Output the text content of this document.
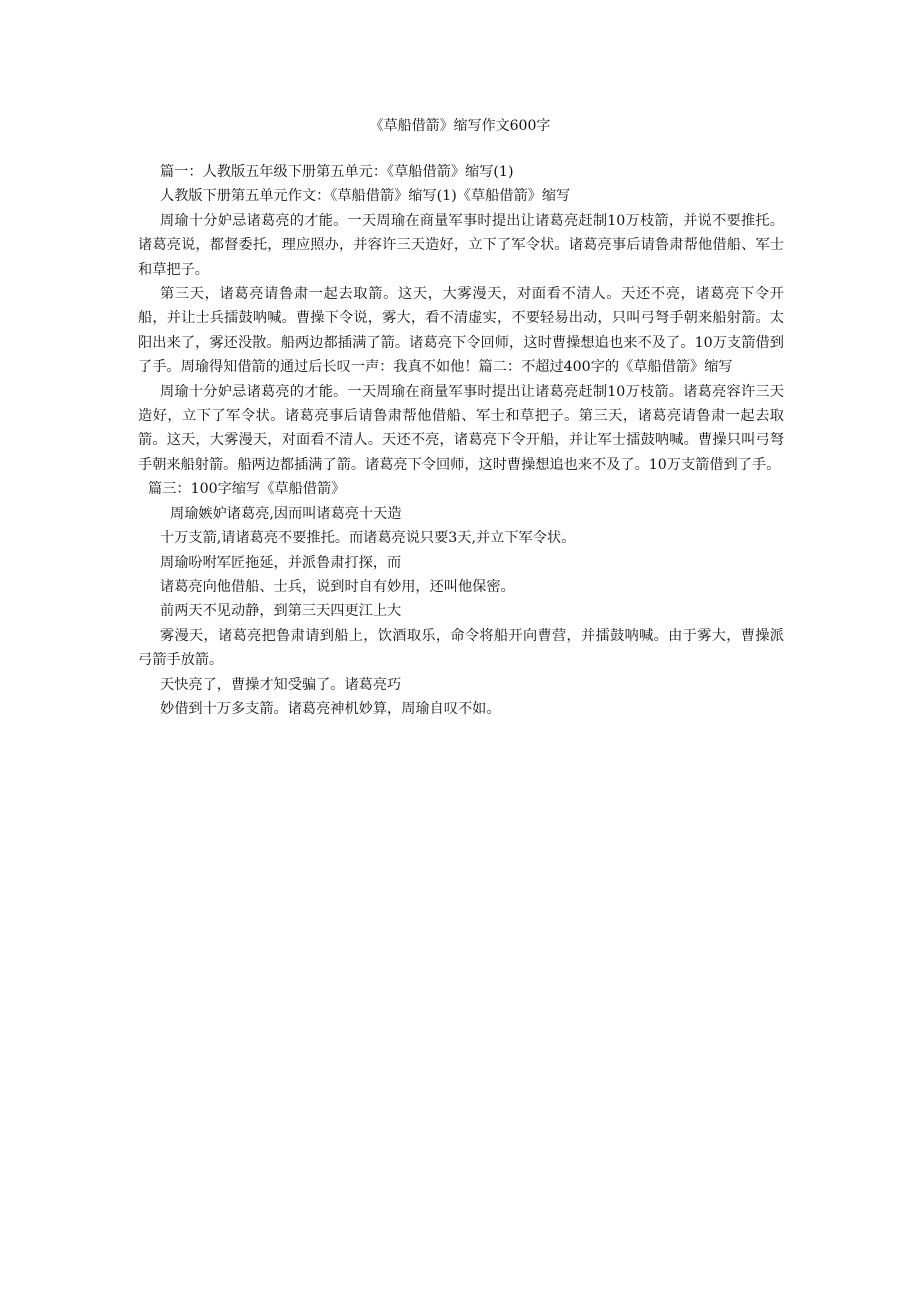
《草船借箭》缩写作文600字

篇一：人教版五年级下册第五单元：《草船借箭》缩写(1)

人教版下册第五单元作文：《草船借箭》缩写(1)《草船借箭》缩写

周瑜十分妒忌诸葛亮的才能。一天周瑜在商量军事时提出让诸葛亮赶制10万枝箭，并说不要推托。诸葛亮说，都督委托，理应照办，并容许三天造好，立下了军令状。诸葛亮事后请鲁肃帮他借船、军士和草把子。

第三天，诸葛亮请鲁肃一起去取箭。这天，大雾漫天，对面看不清人。天还不亮，诸葛亮下令开船，并让士兵擂鼓呐喊。曹操下令说，雾大，看不清虚实，不要轻易出动，只叫弓弩手朝来船射箭。太阳出来了，雾还没散。船两边都插满了箭。诸葛亮下令回师，这时曹操想追也来不及了。10万支箭借到了手。周瑜得知借箭的通过后长叹一声：我真不如他！篇二：不超过400字的《草船借箭》缩写

周瑜十分妒忌诸葛亮的才能。一天周瑜在商量军事时提出让诸葛亮赶制10万枝箭。诸葛亮容许三天造好，立下了军令状。诸葛亮事后请鲁肃帮他借船、军士和草把子。第三天，诸葛亮请鲁肃一起去取箭。这天，大雾漫天，对面看不清人。天还不亮，诸葛亮下令开船，并让军士擂鼓呐喊。曹操只叫弓弩手朝来船射箭。船两边都插满了箭。诸葛亮下令回师，这时曹操想追也来不及了。10万支箭借到了手。

篇三：100字缩写《草船借箭》

周瑜嫉妒诸葛亮,因而叫诸葛亮十天造

十万支箭,请诸葛亮不要推托。而诸葛亮说只要3天,并立下军令状。

周瑜吩咐军匠拖延，并派鲁肃打探，而

诸葛亮向他借船、士兵，说到时自有妙用，还叫他保密。

前两天不见动静，到第三天四更江上大

雾漫天，诸葛亮把鲁肃请到船上，饮酒取乐，命令将船开向曹营，并擂鼓呐喊。由于雾大，曹操派弓箭手放箭。

天快亮了，曹操才知受骗了。诸葛亮巧

妙借到十万多支箭。诸葛亮神机妙算，周瑜自叹不如。
